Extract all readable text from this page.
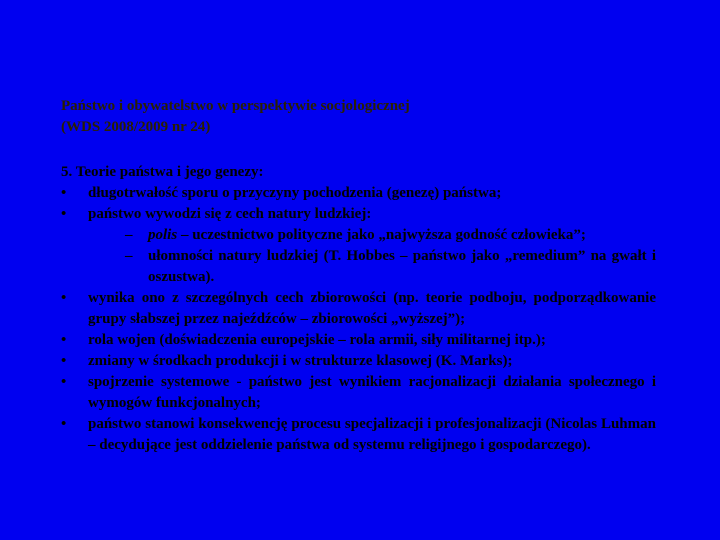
Państwo i obywatelstwo w perspektywie socjologicznej
(WDS 2008/2009 nr 24)
5. Teorie państwa i jego genezy:
• długotrwałość sporu o przyczyny pochodzenia (genezę) państwa;
• państwo wywodzi się z cech natury ludzkiej:
– polis – uczestnictwo polityczne jako „najwyższa godność człowieka”;
– ułomności natury ludzkiej (T. Hobbes – państwo jako „remedium” na gwałt i oszustwa).
• wynika ono z szczególnych cech zbiorowości (np. teorie podboju, podporządkowanie grupy słabszej przez najeźdźców – zbiorowości „wyższej”);
• rola wojen (doświadczenia europejskie – rola armii, siły militarnej itp.);
• zmiany w środkach produkcji i w strukturze klasowej (K. Marks);
• spojrzenie systemowe - państwo jest wynikiem racjonalizacji działania społecznego i wymogów funkcjonalnych;
• państwo stanowi konsekwencję procesu specjalizacji i profesjonalizacji (Nicolas Luhman – decydujące jest oddzielenie państwa od systemu religijnego i gospodarczego).
